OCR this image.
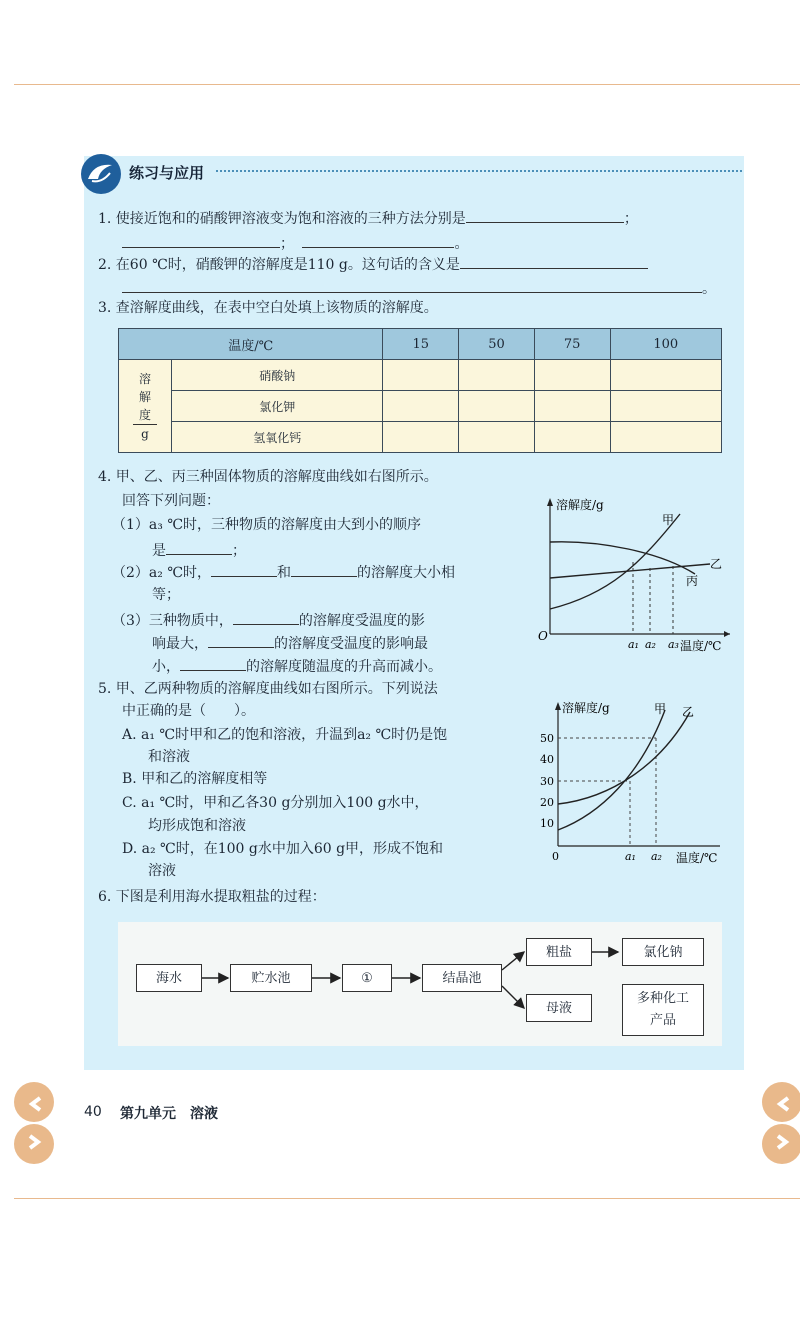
练习与应用
1. 使接近饱和的硝酸钾溶液变为饱和溶液的三种方法分别是	；
；	。
2. 在60 ℃时，硝酸钾的溶解度是110 g。这句话的含义是
。
3. 查溶解度曲线，在表中空白处填上该物质的溶解度。
温度/℃		15	50	75	100

溶
解
度
g	硝酸钠				
	氯化钾				
	氢氧化钙				
4. 甲、乙、丙三种固体物质的溶解度曲线如右图所示。
回答下列问题：
（1）a₃ ℃时，三种物质的溶解度由大到小的顺序
是	；
（2）a₂ ℃时，	和	的溶解度大小相
等；
（3）三种物质中，	的溶解度受温度的影
响最大，	的溶解度受温度的影响最
小，	的溶解度随温度的升高而减小。
溶解度/g
温度/℃
O
a₁ a₂ a₃
甲
乙
丙
5. 甲、乙两种物质的溶解度曲线如右图所示。下列说法
中正确的是（　　）。
A. a₁ ℃时甲和乙的饱和溶液，升温到a₂ ℃时仍是饱
和溶液
B. 甲和乙的溶解度相等
C. a₁ ℃时，甲和乙各30 g分别加入100 g水中，
均形成饱和溶液
D. a₂ ℃时，在100 g水中加入60 g甲，形成不饱和
溶液
50
40
30
20
10
溶解度/g
温度/℃
0	a₁ a₂
甲 乙
6. 下图是利用海水提取粗盐的过程：
海水	贮水池	①	结晶池
粗盐	氯化钠
母液
多种化工产品
40 第九单元　溶液
